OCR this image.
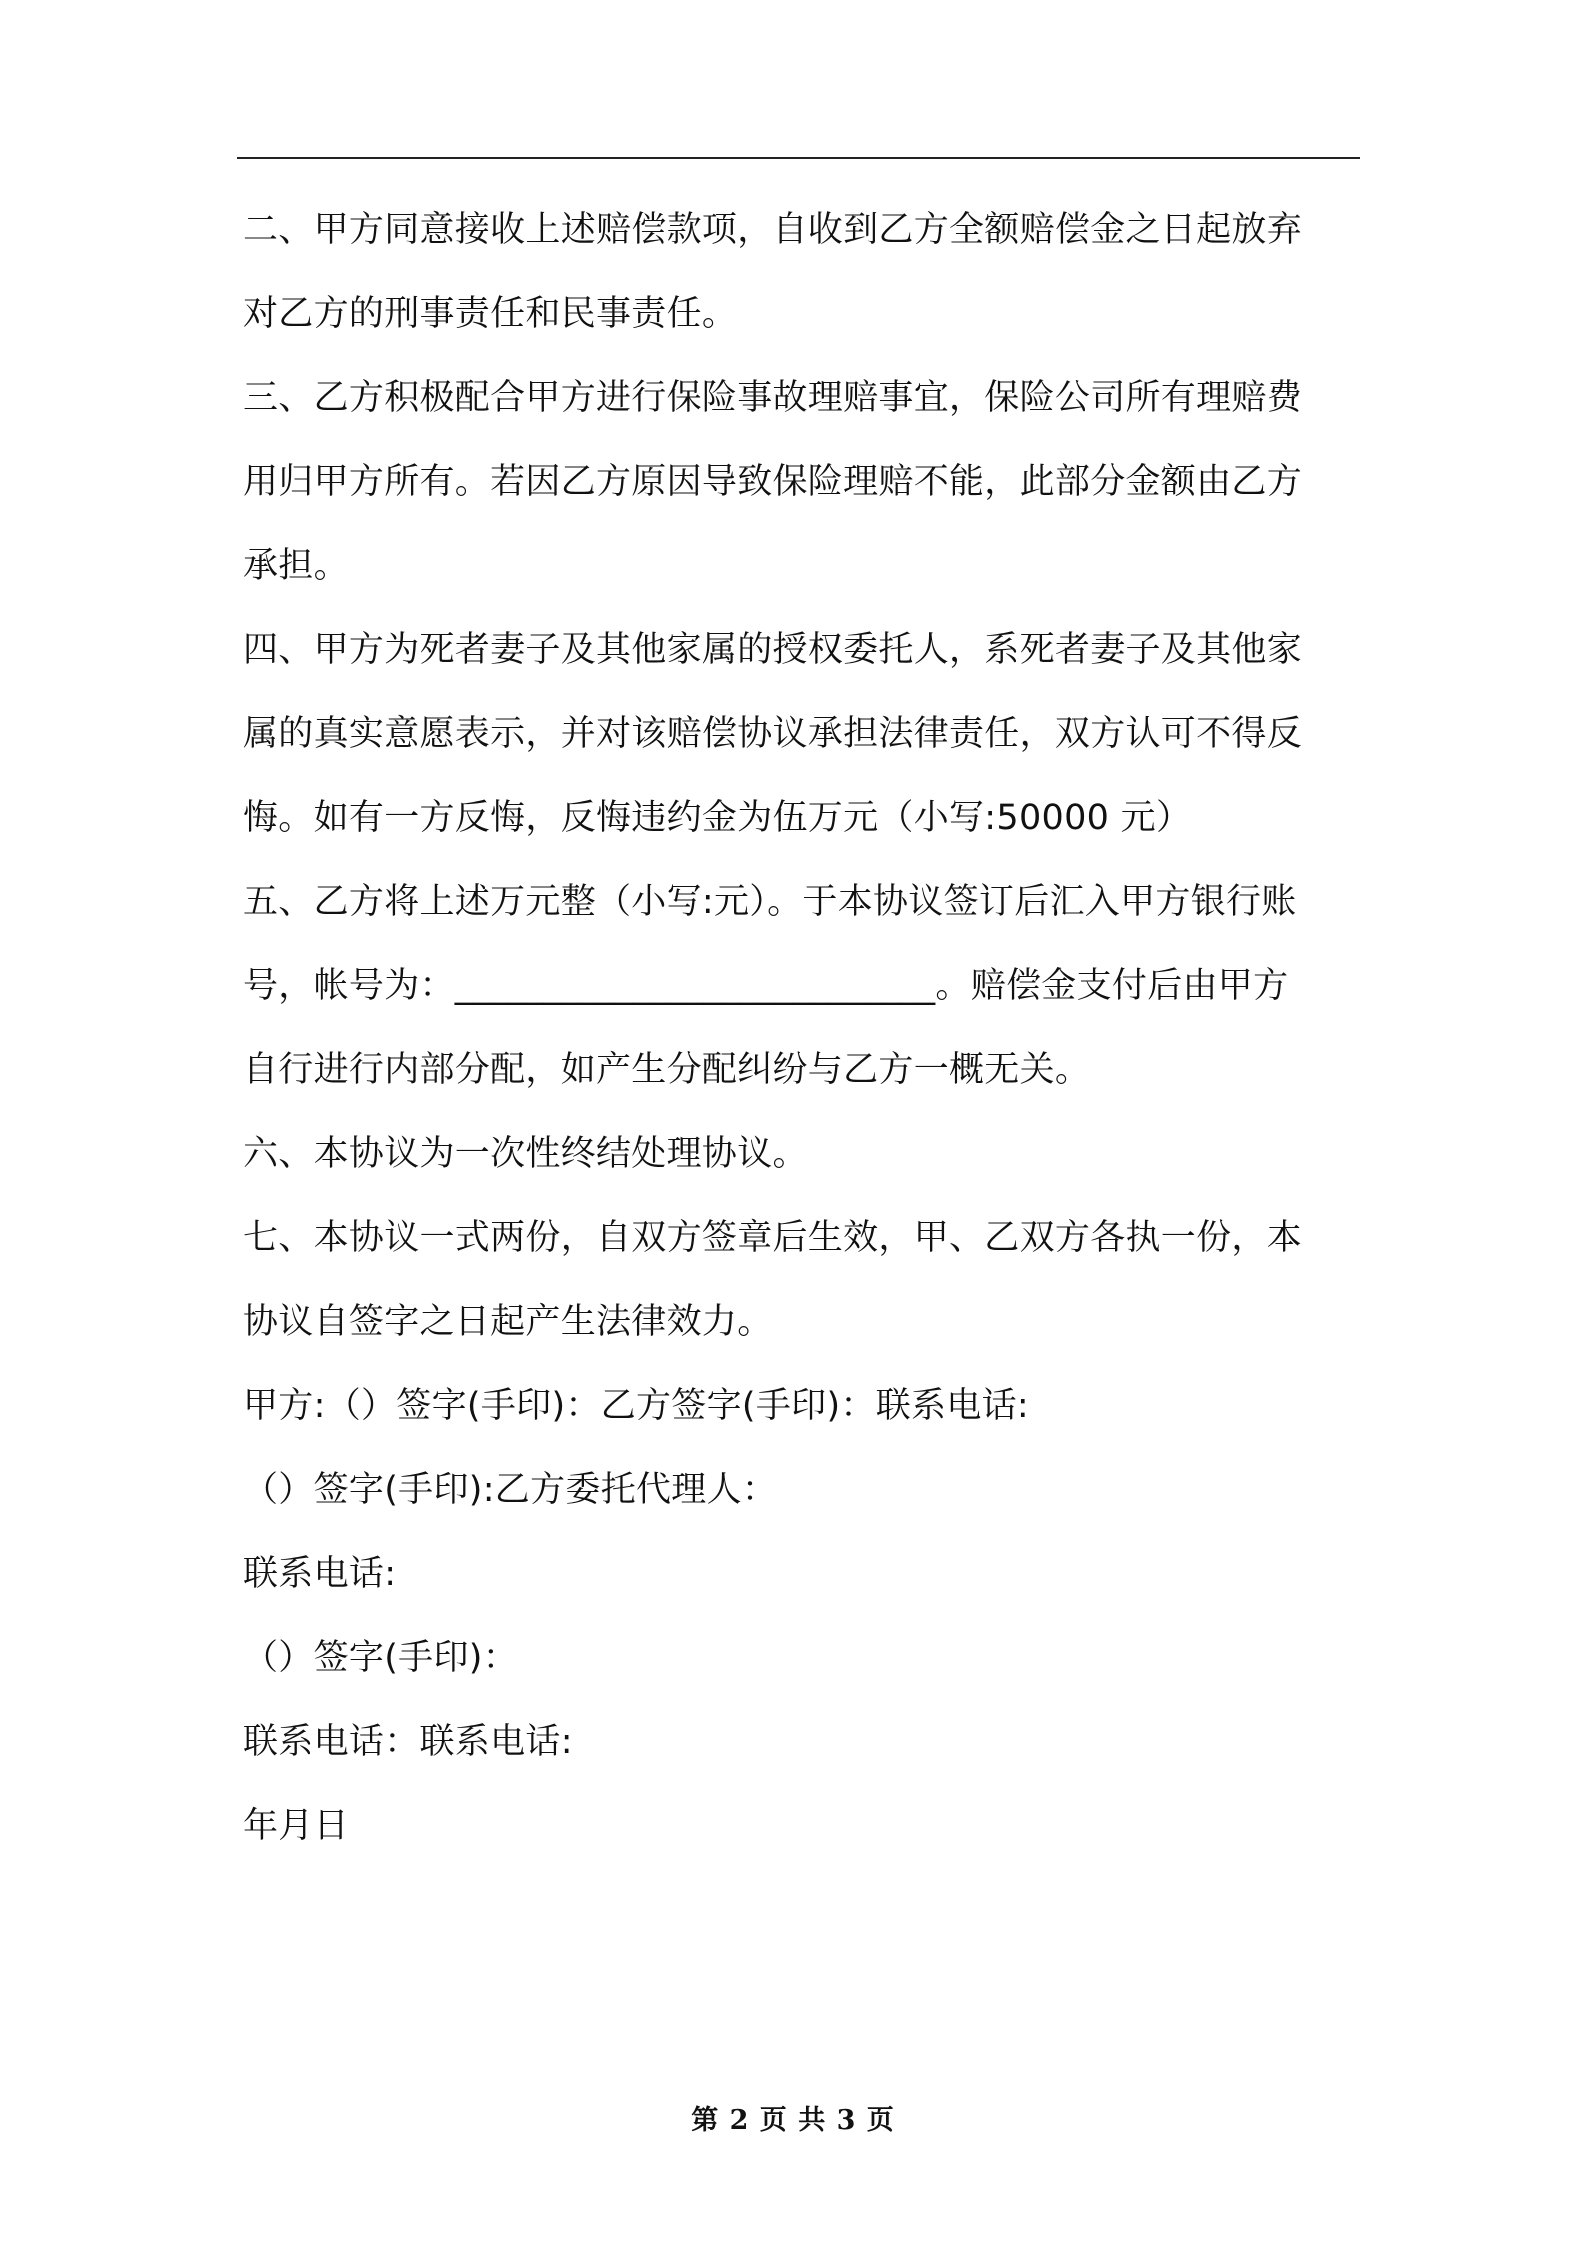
二、甲方同意接收上述赔偿款项，自收到乙方全额赔偿金之日起放弃
对乙方的刑事责任和民事责任。
三、乙方积极配合甲方进行保险事故理赔事宜，保险公司所有理赔费
用归甲方所有。若因乙方原因导致保险理赔不能，此部分金额由乙方
承担。
四、甲方为死者妻子及其他家属的授权委托人，系死者妻子及其他家
属的真实意愿表示，并对该赔偿协议承担法律责任，双方认可不得反
悔。如有一方反悔，反悔违约金为伍万元（小写:50000 元）
五、乙方将上述万元整（小写:元）。于本协议签订后汇入甲方银行账
号，帐号为：___________________________。赔偿金支付后由甲方
自行进行内部分配，如产生分配纠纷与乙方一概无关。
六、本协议为一次性终结处理协议。
七、本协议一式两份，自双方签章后生效，甲、乙双方各执一份，本
协议自签字之日起产生法律效力。
甲方:（）签字(手印)：乙方签字(手印)：联系电话:
（）签字(手印):乙方委托代理人：
联系电话:
（）签字(手印)：
联系电话：联系电话:
年月日
第 2 页 共 3 页
